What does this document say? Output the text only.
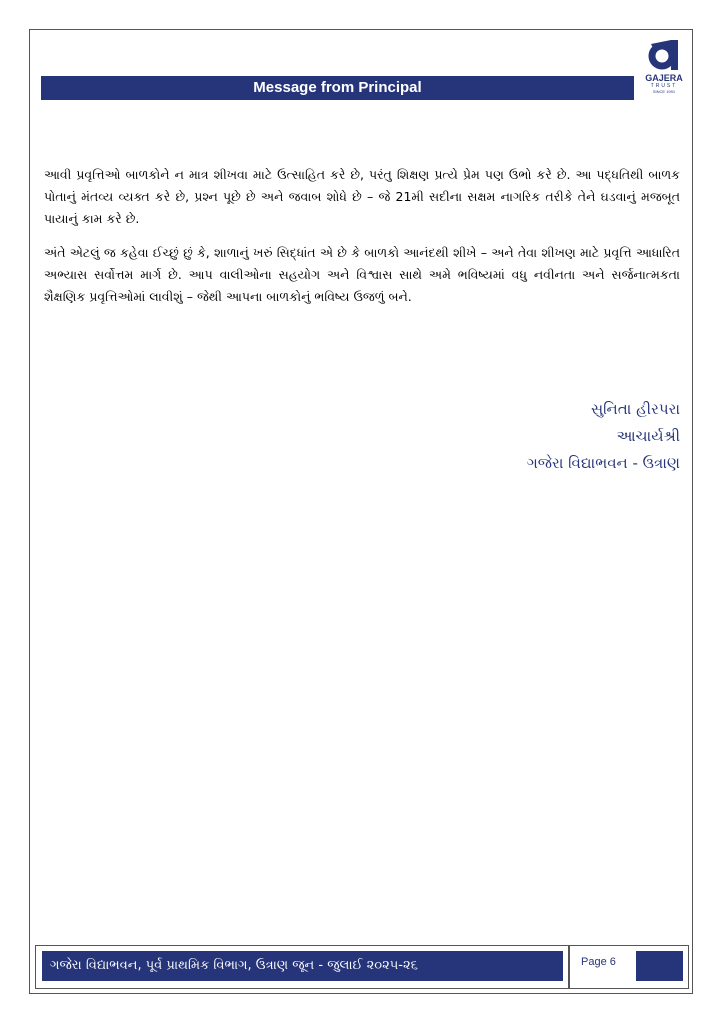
Message from Principal
GAJERA
TRUST
SINCE 1991

આવી પ્રવૃત્તિઓ બાળકોને ન માત્ર શીખવા માટે ઉત્સાહિત કરે છે, પરંતુ શિક્ષણ પ્રત્યે પ્રેમ પણ ઉભો કરે છે. આ પદ્ધતિથી બાળક પોતાનું મંતવ્ય વ્યક્ત કરે છે, પ્રશ્ન પૂછે છે અને જવાબ શોધે છે – જે 21મી સદીના સક્ષમ નાગરિક તરીકે તેને ઘડવાનું મજબૂત પાયાનું કામ કરે છે.

અંતે એટલું જ કહેવા ઈચ્છું છું કે, શાળાનું ખરું સિદ્ધાંત એ છે કે બાળકો આનંદથી શીખે – અને તેવા શીખણ માટે પ્રવૃત્તિ આધારિત અભ્યાસ સર્વોત્તમ માર્ગ છે. આપ વાલીઓના સહયોગ અને વિશ્વાસ સાથે અમે ભવિષ્યમાં વધુ નવીનતા અને સર્જનાત્મકતા શૈક્ષણિક પ્રવૃત્તિઓમાં લાવીશું – જેથી આપના બાળકોનું ભવિષ્ય ઉજળું બને.

સુનિતા હીરપરા
આચાર્યશ્રી
ગજેરા વિદ્યાભવન - ઉત્રાણ
ગજેરા વિદ્યાભવન, પૂર્વ પ્રાથમિક વિભાગ, ઉત્રાણ જૂન - જુલાઈ ૨૦૨૫-૨૬	Page 6
